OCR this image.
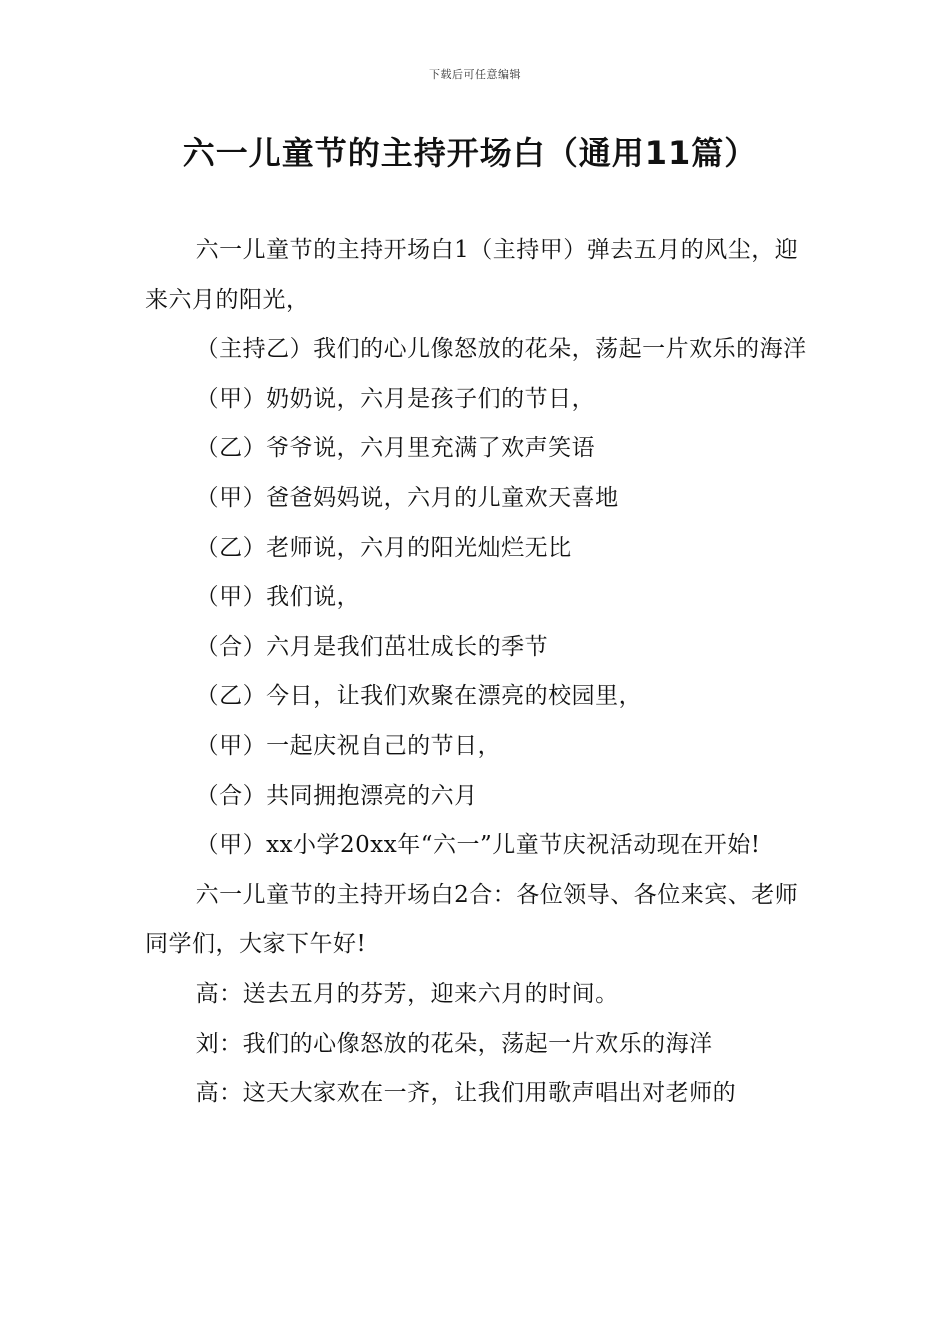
下载后可任意编辑
六一儿童节的主持开场白（通用11篇）

六一儿童节的主持开场白1（主持甲）弹去五月的风尘，迎来六月的阳光，

（主持乙）我们的心儿像怒放的花朵，荡起一片欢乐的海洋

（甲）奶奶说，六月是孩子们的节日，

（乙）爷爷说，六月里充满了欢声笑语

（甲）爸爸妈妈说，六月的儿童欢天喜地

（乙）老师说，六月的阳光灿烂无比

（甲）我们说，

（合）六月是我们茁壮成长的季节

（乙）今日，让我们欢聚在漂亮的校园里，

（甲）一起庆祝自己的节日，

（合）共同拥抱漂亮的六月

（甲）xx小学20xx年“六一”儿童节庆祝活动现在开始!

六一儿童节的主持开场白2合：各位领导、各位来宾、老师同学们，大家下午好!

高：送去五月的芬芳，迎来六月的时间。

刘：我们的心像怒放的花朵，荡起一片欢乐的海洋

高：这天大家欢在一齐，让我们用歌声唱出对老师的
